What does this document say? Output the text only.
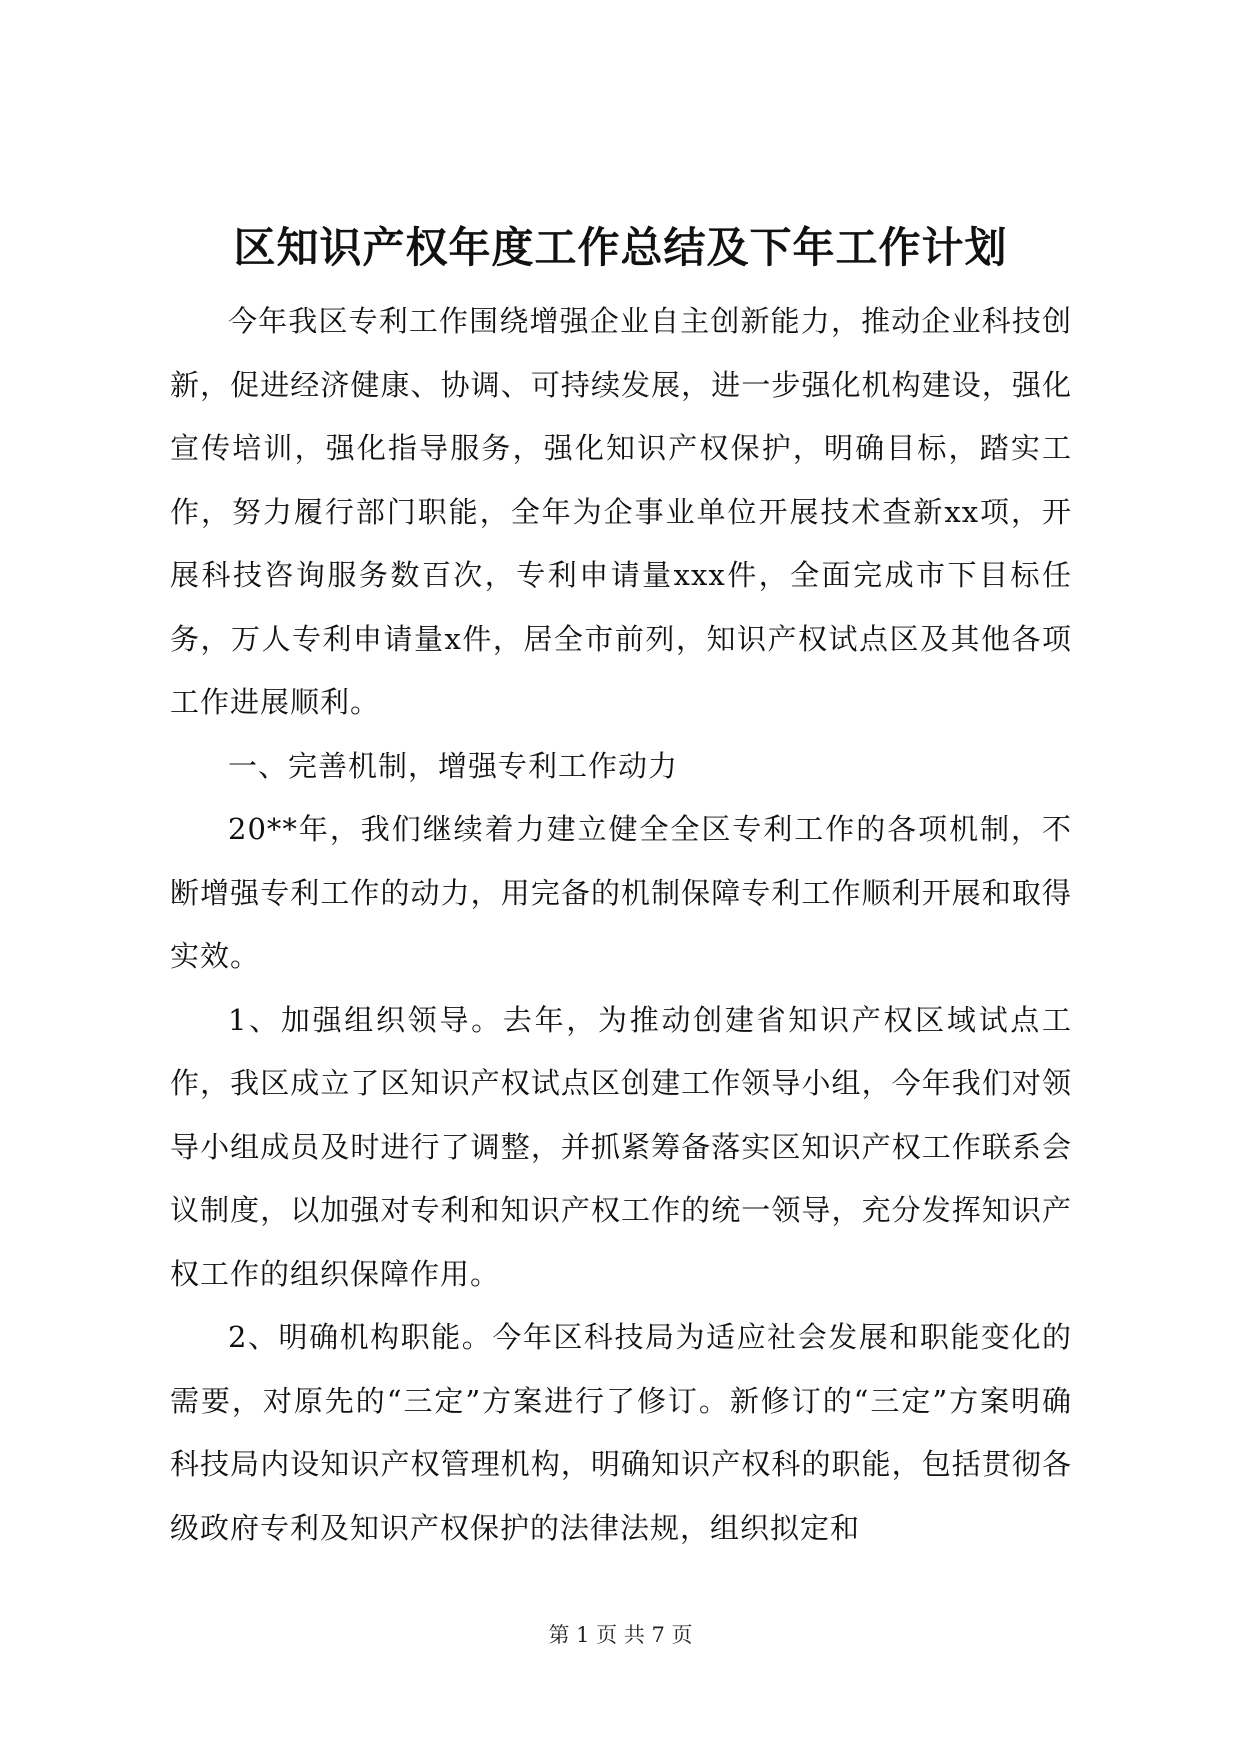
区知识产权年度工作总结及下年工作计划

今年我区专利工作围绕增强企业自主创新能力，推动企业科技创新，促进经济健康、协调、可持续发展，进一步强化机构建设，强化宣传培训，强化指导服务，强化知识产权保护，明确目标，踏实工作，努力履行部门职能，全年为企事业单位开展技术查新xx项，开展科技咨询服务数百次，专利申请量xxx件，全面完成市下目标任务，万人专利申请量x件，居全市前列，知识产权试点区及其他各项工作进展顺利。

一、完善机制，增强专利工作动力

20**年，我们继续着力建立健全全区专利工作的各项机制，不断增强专利工作的动力，用完备的机制保障专利工作顺利开展和取得实效。

1、加强组织领导。去年，为推动创建省知识产权区域试点工作，我区成立了区知识产权试点区创建工作领导小组，今年我们对领导小组成员及时进行了调整，并抓紧筹备落实区知识产权工作联系会议制度，以加强对专利和知识产权工作的统一领导，充分发挥知识产权工作的组织保障作用。

2、明确机构职能。今年区科技局为适应社会发展和职能变化的需要，对原先的“三定”方案进行了修订。新修订的“三定”方案明确科技局内设知识产权管理机构，明确知识产权科的职能，包括贯彻各级政府专利及知识产权保护的法律法规，组织拟定和

第 1 页 共 7 页
